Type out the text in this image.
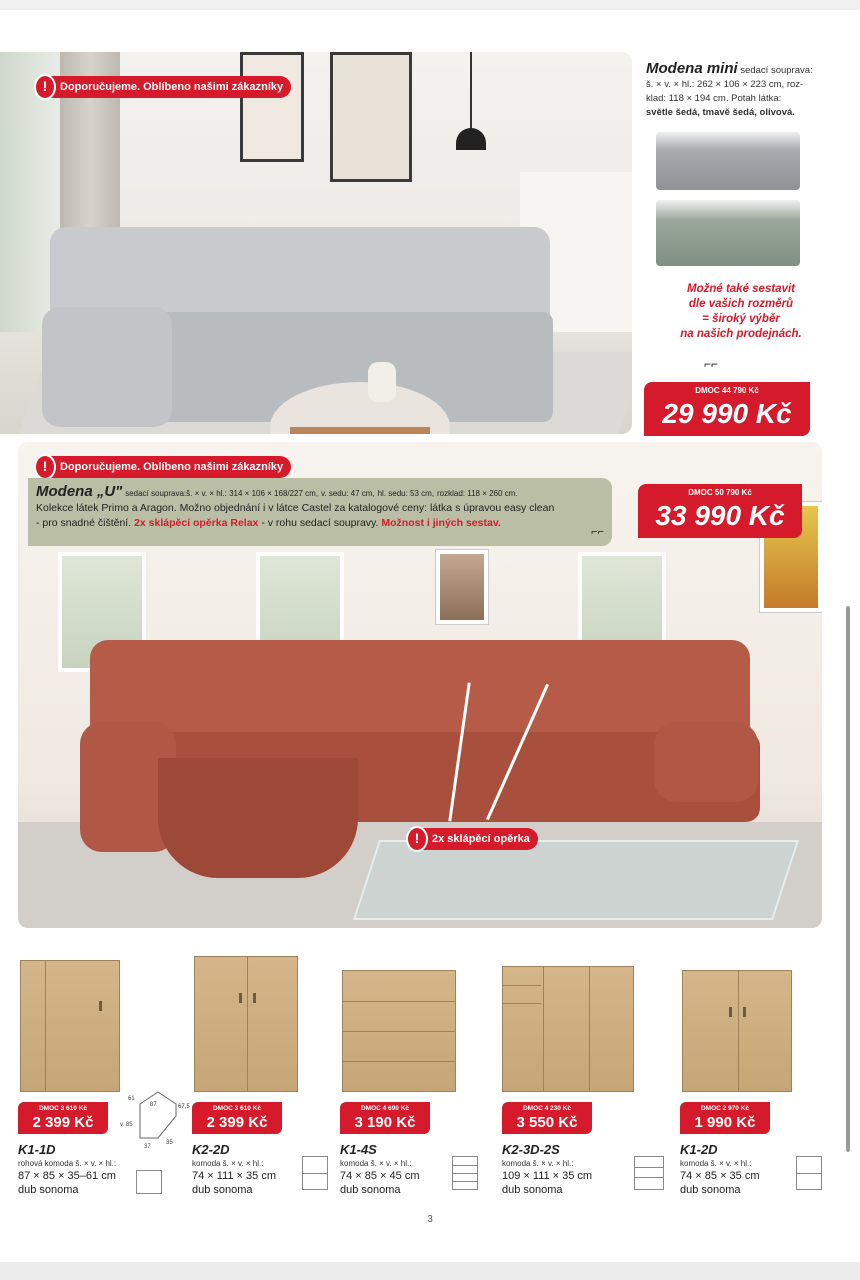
!	Doporučujeme. Oblíbeno našimi zákazníky
Modena mini sedací souprava:
š. × v. × hl.: 262 × 106 × 223 cm, roz-
klad: 118 × 194 cm. Potah látka:
světle šedá, tmavě šedá, olivová.
Možné také sestavit
dle vašich rozměrů
= široký výběr
na našich prodejnách.
⌐⌐
DMOC 44 790 Kč
29 990 Kč
!	Doporučujeme. Oblíbeno našimi zákazníky
Modena „U" sedací souprava:š. × v. × hl.: 314 × 106 × 168/227 cm, v. sedu: 47 cm, hl. sedu: 53 cm, rozklad: 118 × 260 cm.
Kolekce látek Primo a Aragon. Možno objednání i v látce Castel za katalogové ceny: látka s úpravou easy clean
- pro snadné čištění. 2x sklápěcí opěrka Relax - v rohu sedací soupravy. Možnost i jiných sestav.
⌐⌐
DMOC 50 790 Kč
33 990 Kč
!	2x sklápěcí opěrka
61
87	67,5
v. 85
37
35
DMOC 3 610 Kč
2 399 Kč
K1-1D
rohová komoda š. × v. × hl.:
87 × 85 × 35–61 cm
dub sonoma
DMOC 3 610 Kč
2 399 Kč
K2-2D
komoda š. × v. × hl.:
74 × 111 × 35 cm
dub sonoma
DMOC 4 690 Kč
3 190 Kč
K1-4S
komoda š. × v. × hl.:
74 × 85 × 45 cm
dub sonoma
DMOC 4 230 Kč
3 550 Kč
K2-3D-2S
komoda š. × v. × hl.:
109 × 111 × 35 cm
dub sonoma
DMOC 2 970 Kč
1 990 Kč
K1-2D
komoda š. × v. × hl.:
74 × 85 × 35 cm
dub sonoma
3
